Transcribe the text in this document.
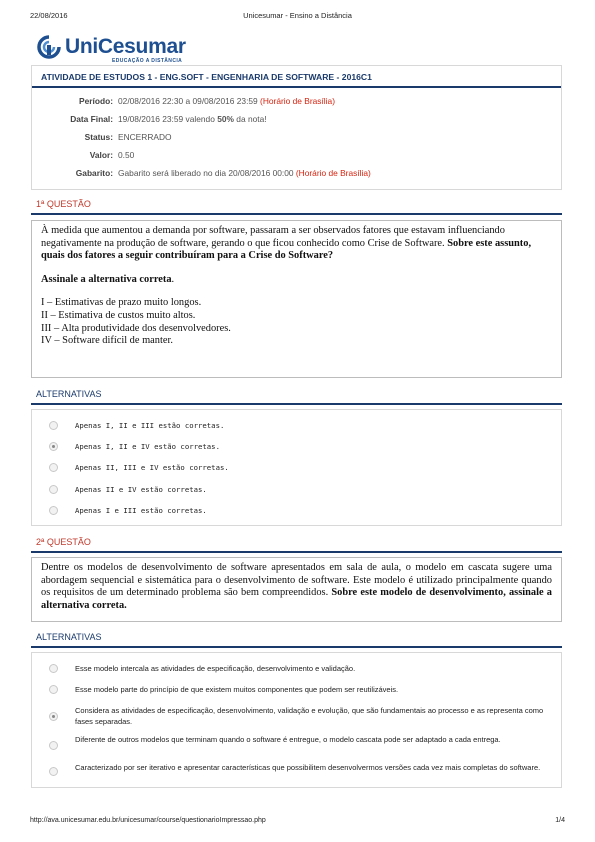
22/08/2016	Unicesumar - Ensino a Distância
UniCesumar
EDUCAÇÃO A DISTÂNCIA
ATIVIDADE DE ESTUDOS 1 - ENG.SOFT - ENGENHARIA DE SOFTWARE - 2016C1
Período: 02/08/2016 22:30 a 09/08/2016 23:59 (Horário de Brasília)
Data Final: 19/08/2016 23:59 valendo 50% da nota!
Status: ENCERRADO
Valor: 0.50
Gabarito: Gabarito será liberado no dia 20/08/2016 00:00 (Horário de Brasília)
1ª QUESTÃO

À medida que aumentou a demanda por software, passaram a ser observados fatores que estavam influenciando negativamente na produção de software, gerando o que ficou conhecido como Crise de Software. Sobre este assunto, quais dos fatores a seguir contribuíram para a Crise do Software?

Assinale a alternativa correta.

I – Estimativas de prazo muito longos.

II – Estimativa de custos muito altos.

III – Alta produtividade dos desenvolvedores.

IV – Software difícil de manter.

ALTERNATIVAS
Apenas I, II e III estão corretas.
Apenas I, II e IV estão corretas.
Apenas II, III e IV estão corretas.
Apenas II e IV estão corretas.
Apenas I e III estão corretas.
2ª QUESTÃO

Dentre os modelos de desenvolvimento de software apresentados em sala de aula, o modelo em cascata sugere uma abordagem sequencial e sistemática para o desenvolvimento de software. Este modelo é utilizado principalmente quando os requisitos de um determinado problema são bem compreendidos. Sobre este modelo de desenvolvimento, assinale a alternativa correta.

ALTERNATIVAS
Esse modelo intercala as atividades de especificação, desenvolvimento e validação.
Esse modelo parte do princípio de que existem muitos componentes que podem ser reutilizáveis.
Considera as atividades de especificação, desenvolvimento, validação e evolução, que são fundamentais ao processo e as representa como fases separadas.
Diferente de outros modelos que terminam quando o software é entregue, o modelo cascata pode ser adaptado a cada entrega.
Caracterizado por ser iterativo e apresentar características que possibilitem desenvolvermos versões cada vez mais completas do software.
http://ava.unicesumar.edu.br/unicesumar/course/questionarioImpressao.php	1/4
